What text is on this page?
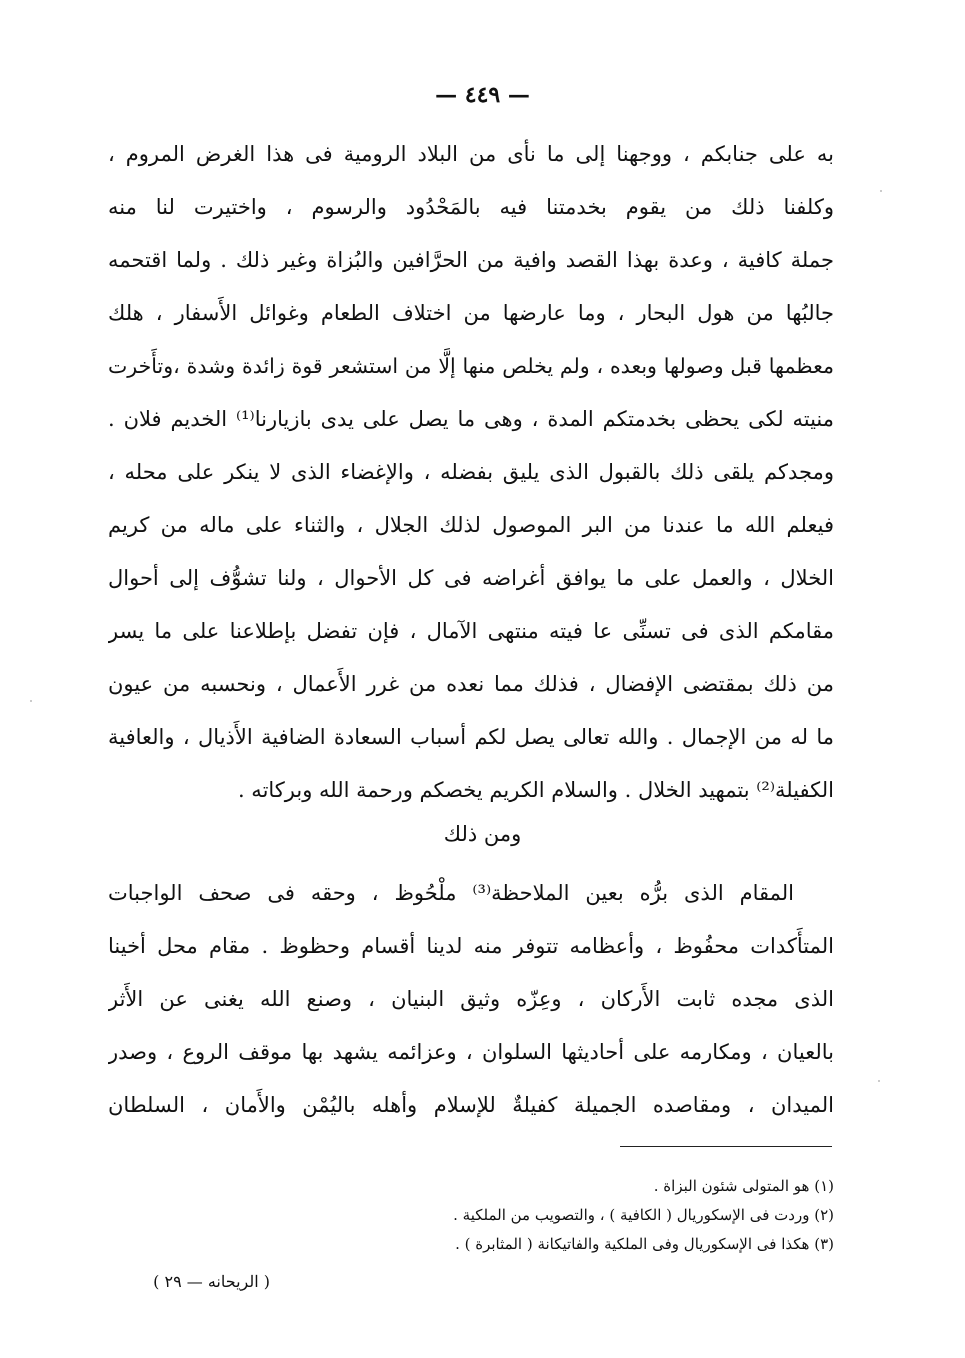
— ٤٤٩ —
به على جنابكم ، ووجهنا إلى ما نأى من البلاد الرومية فى هذا الغرض المروم ،
وكلفنا ذلك من يقوم بخدمتنا فيه بالمَحْدُود والرسوم ، واختيرت لنا منه
جملة كافية ، وعدة بهذا القصد وافية من الحرَّافين والبُزاة وغير ذلك . ولما اقتحمه
جالبُها من هول البحار ، وما عارضها من اختلاف الطعام وغوائل الأَسفار ، هلك
معظمها قبل وصولها وبعده ، ولم يخلص منها إلَّا من استشعر قوة زائدة وشدة ،وتأَخرت
منيته لكى يحظى بخدمتكم المدة ، وهى ما يصل على يدى بازيارنا⁽¹⁾ الخديم فلان .
ومجدكم يلقى ذلك بالقبول الذى يليق بفضله ، والإغضاء الذى لا ينكر على محله ،
فيعلم الله ما عندنا من البر الموصول لذلك الجلال ، والثناء على ماله من كريم
الخلال ، والعمل على ما يوافق أغراضه فى كل الأحوال ، ولنا تشوُّف إلى أحوال
مقامكم الذى فى تسنِّى عا فيته منتهى الآمال ، فإن تفضل بإطلاعنا على ما يسر
من ذلك بمقتضى الإفضال ، فذلك مما نعده من غرر الأَعمال ، ونحسبه من عيون
ما له من الإجمال . والله تعالى يصل لكم أسباب السعادة الضافية الأَذيال ، والعافية
الكفيلة⁽²⁾ بتمهيد الخلال . والسلام الكريم يخصكم ورحمة الله وبركاته .
ومن ذلك
المقام الذى برُّه بعين الملاحظة⁽³⁾ ملْحُوظ ، وحقه فى صحف الواجبات
المتأَكدات محفُوظ ، وأعظامه تتوفر منه لدينا أقسام وحظوظ . مقام محل أخينا
الذى مجده ثابت الأَركان ، وعِزّه وثيق البنيان ، وصنع الله يغنى عن الأَثر
بالعيان ، ومكارمه على أحاديثها السلوان ، وعزائمه يشهد بها موقف الروع ، وصدر
الميدان ، ومقاصده الجميلة كفيلةٌ للإسلام وأهله باليُمْن والأَمان ، السلطان
(١) هو المتولى شئون البزاة .
(٢) وردت فى الإسكوريال ( الكافية ) ، والتصويب من الملكية .
(٣) هكذا فى الإسكوريال وفى الملكية والفاتيكانة ( المثابرة ) .
( الريحانه — ٢٩ )
